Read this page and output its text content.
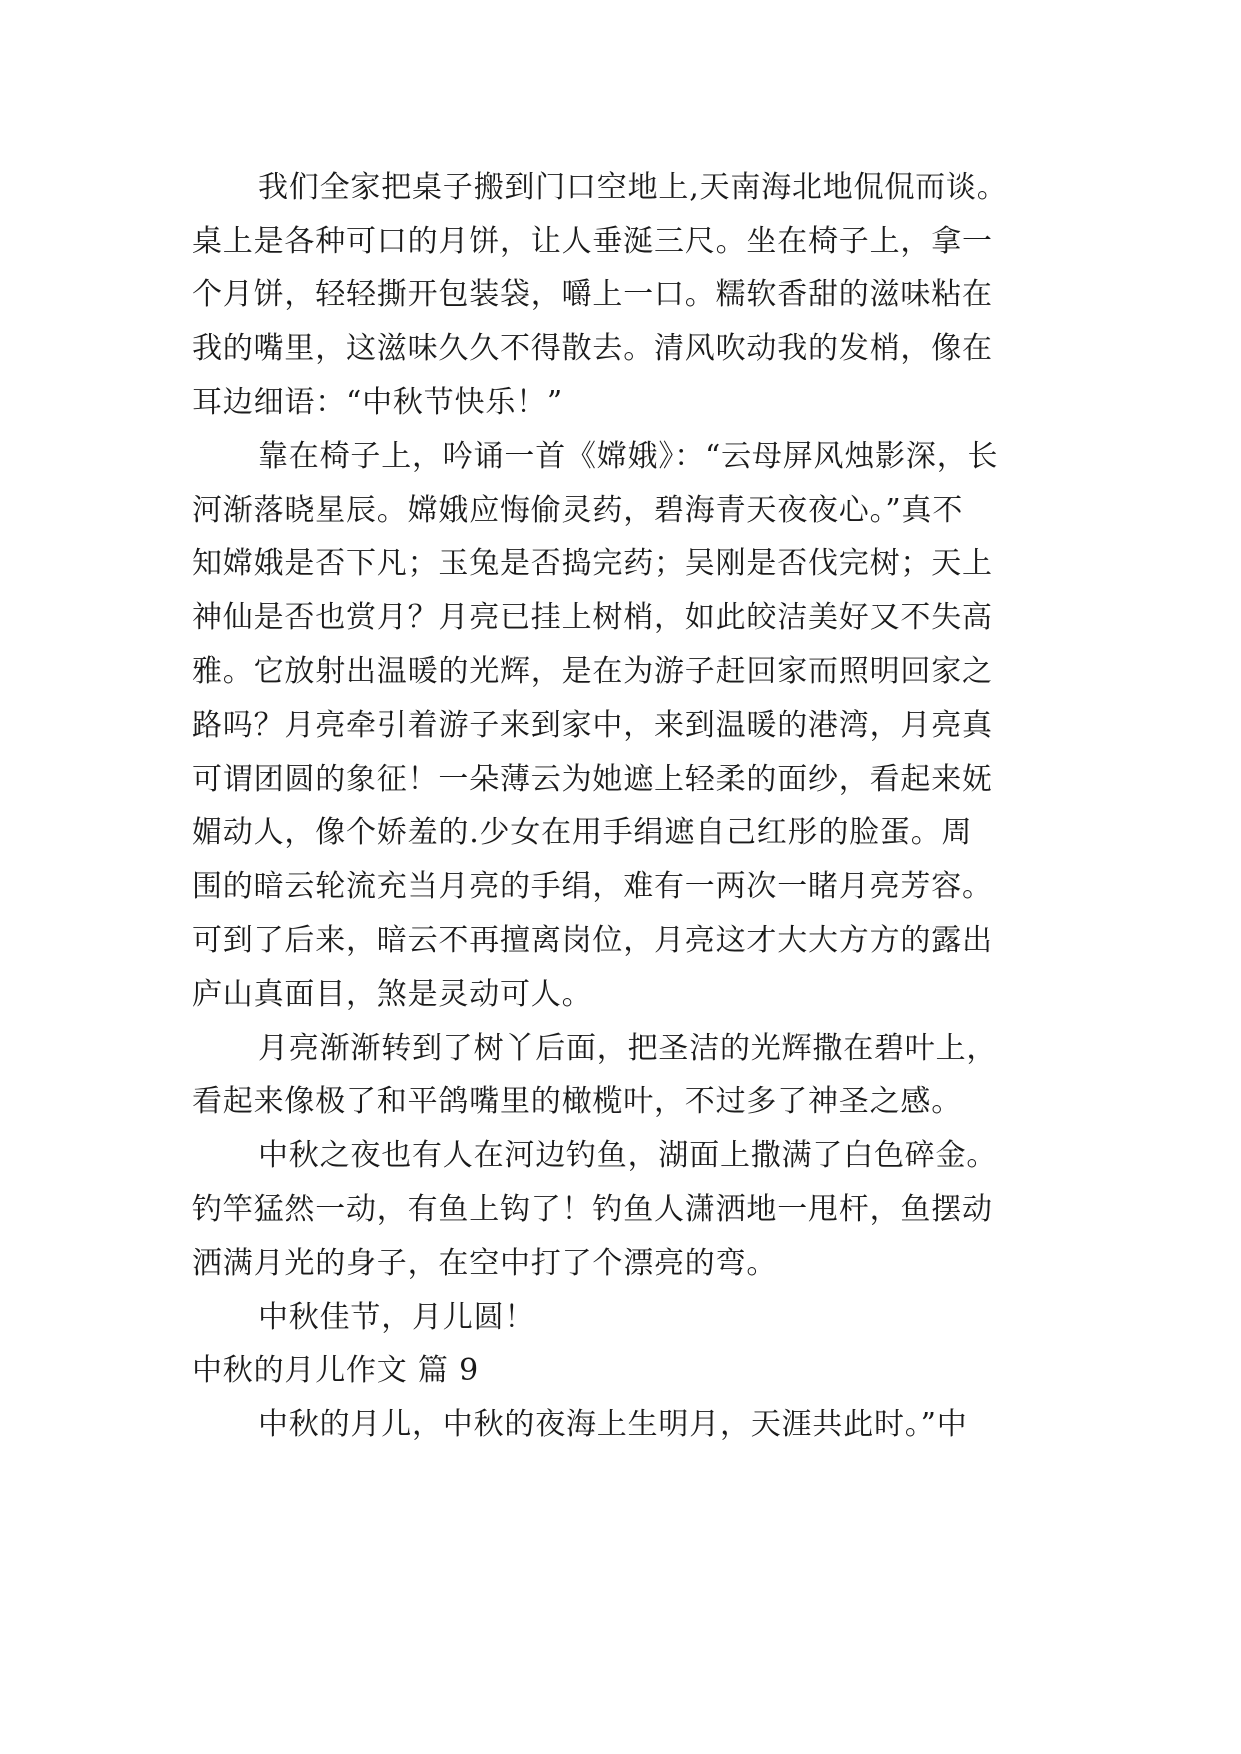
我们全家把桌子搬到门口空地上,天南海北地侃侃而谈。
桌上是各种可口的月饼，让人垂涎三尺。坐在椅子上，拿一
个月饼，轻轻撕开包装袋，嚼上一口。糯软香甜的滋味粘在
我的嘴里，这滋味久久不得散去。清风吹动我的发梢，像在
耳边细语：“中秋节快乐！”
靠在椅子上，吟诵一首《嫦娥》：“云母屏风烛影深，长
河渐落晓星辰。嫦娥应悔偷灵药，碧海青天夜夜心。”真不
知嫦娥是否下凡；玉兔是否捣完药；吴刚是否伐完树；天上
神仙是否也赏月？月亮已挂上树梢，如此皎洁美好又不失高
雅。它放射出温暖的光辉，是在为游子赶回家而照明回家之
路吗？月亮牵引着游子来到家中，来到温暖的港湾，月亮真
可谓团圆的象征！一朵薄云为她遮上轻柔的面纱，看起来妩
媚动人，像个娇羞的.少女在用手绢遮自己红彤的脸蛋。周
围的暗云轮流充当月亮的手绢，难有一两次一睹月亮芳容。
可到了后来，暗云不再擅离岗位，月亮这才大大方方的露出
庐山真面目，煞是灵动可人。
月亮渐渐转到了树丫后面，把圣洁的光辉撒在碧叶上，
看起来像极了和平鸽嘴里的橄榄叶，不过多了神圣之感。
中秋之夜也有人在河边钓鱼，湖面上撒满了白色碎金。
钓竿猛然一动，有鱼上钩了！钓鱼人潇洒地一甩杆，鱼摆动
洒满月光的身子，在空中打了个漂亮的弯。
中秋佳节，月儿圆！
中秋的月儿作文 篇 9
中秋的月儿，中秋的夜海上生明月，天涯共此时。”中
